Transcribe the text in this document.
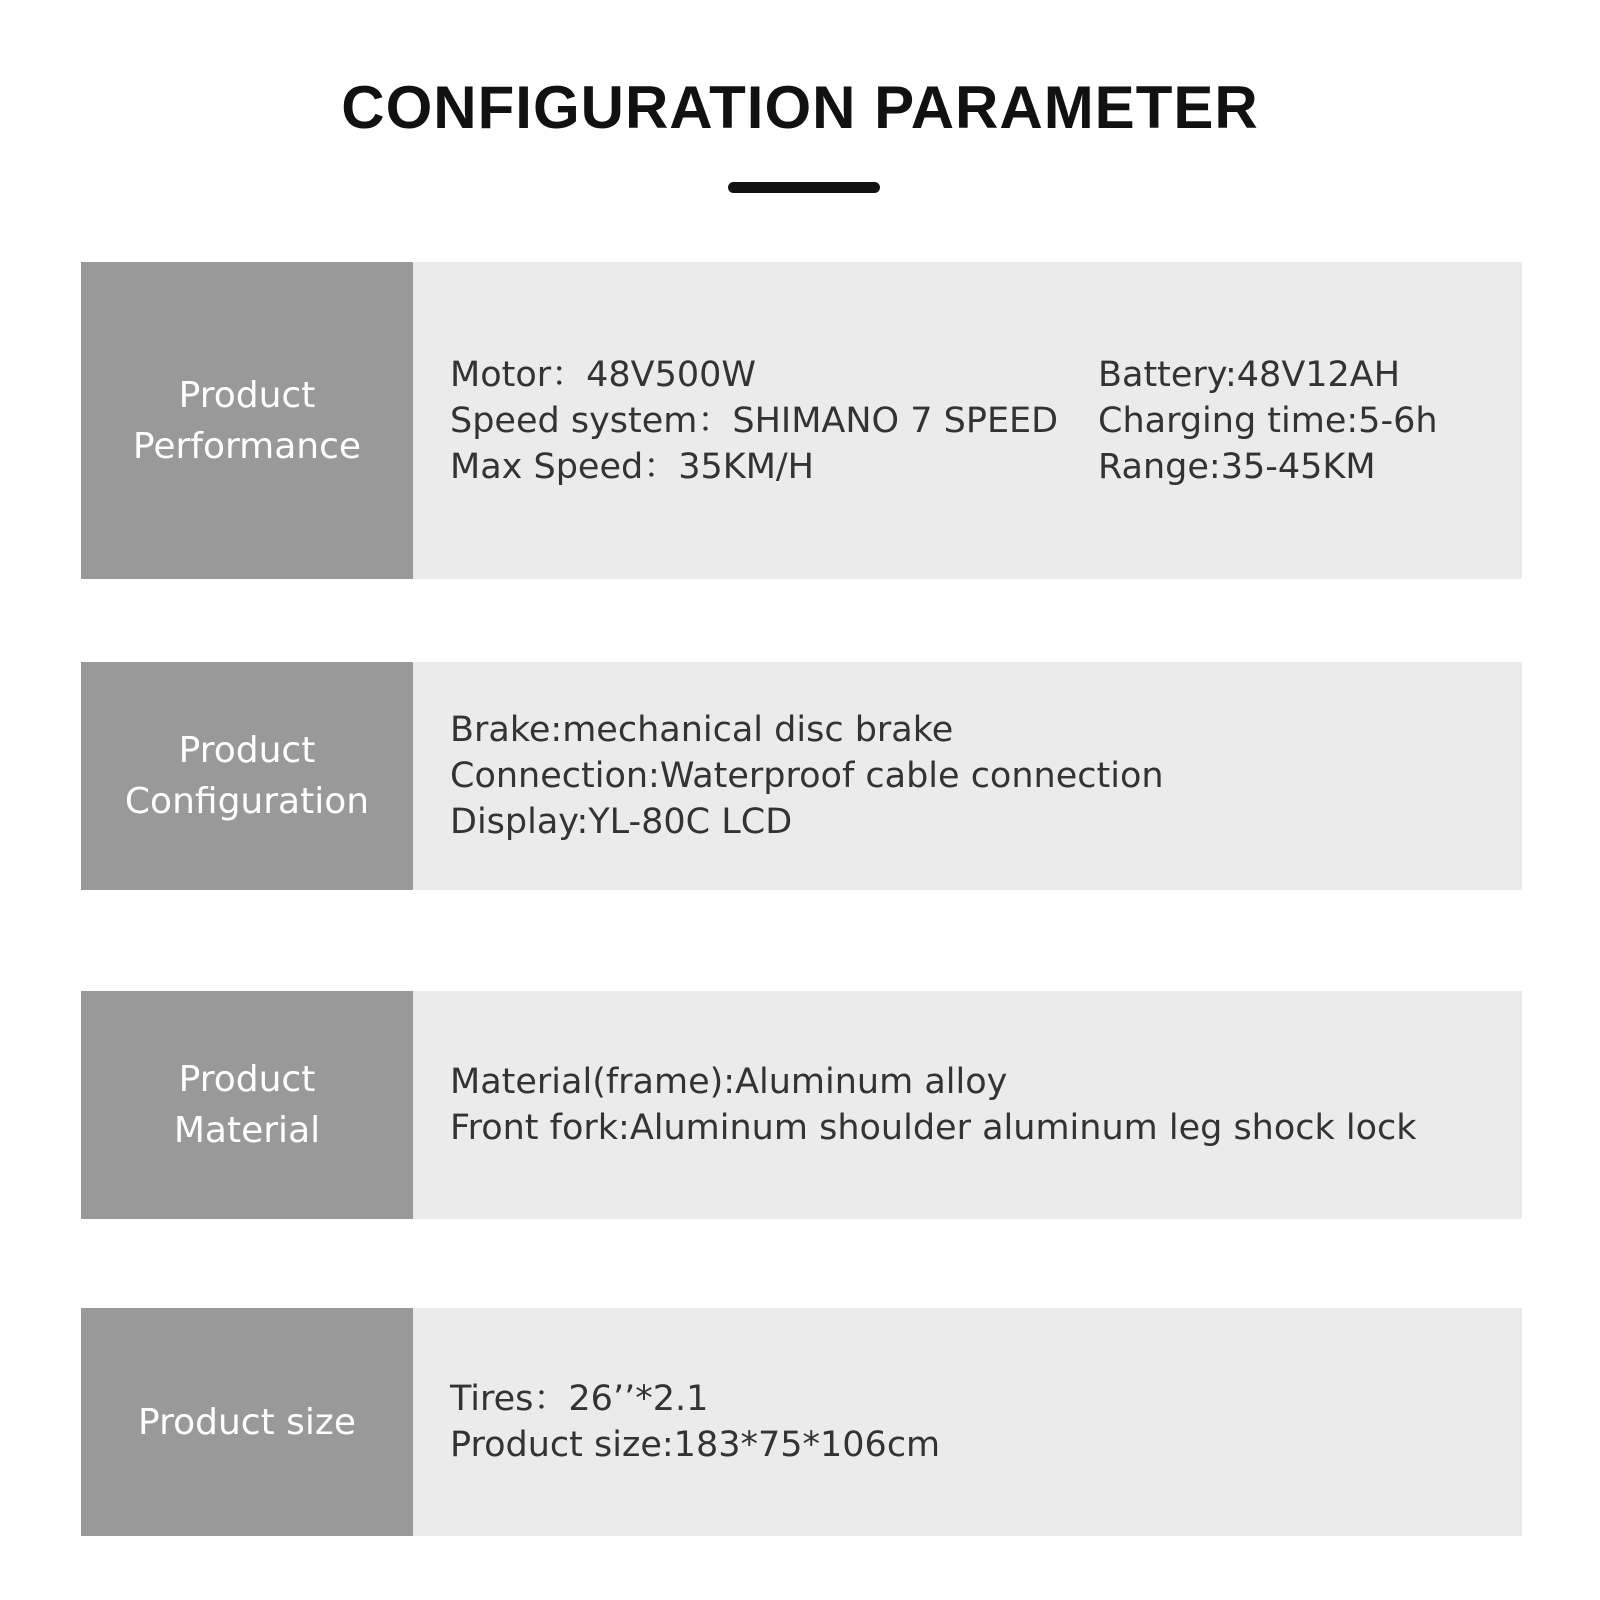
CONFIGURATION PARAMETER
Product
Performance
Motor：48V500W
Speed system：SHIMANO 7 SPEED
Max Speed：35KM/H
Battery:48V12AH
Charging time:5-6h
Range:35-45KM
Product
Configuration
Brake:mechanical disc brake
Connection:Waterproof cable connection
Display:YL-80C LCD
Product
Material
Material(frame):Aluminum alloy
Front fork:Aluminum shoulder aluminum leg shock lock
Product size
Tires：26’’*2.1
Product size:183*75*106cm
